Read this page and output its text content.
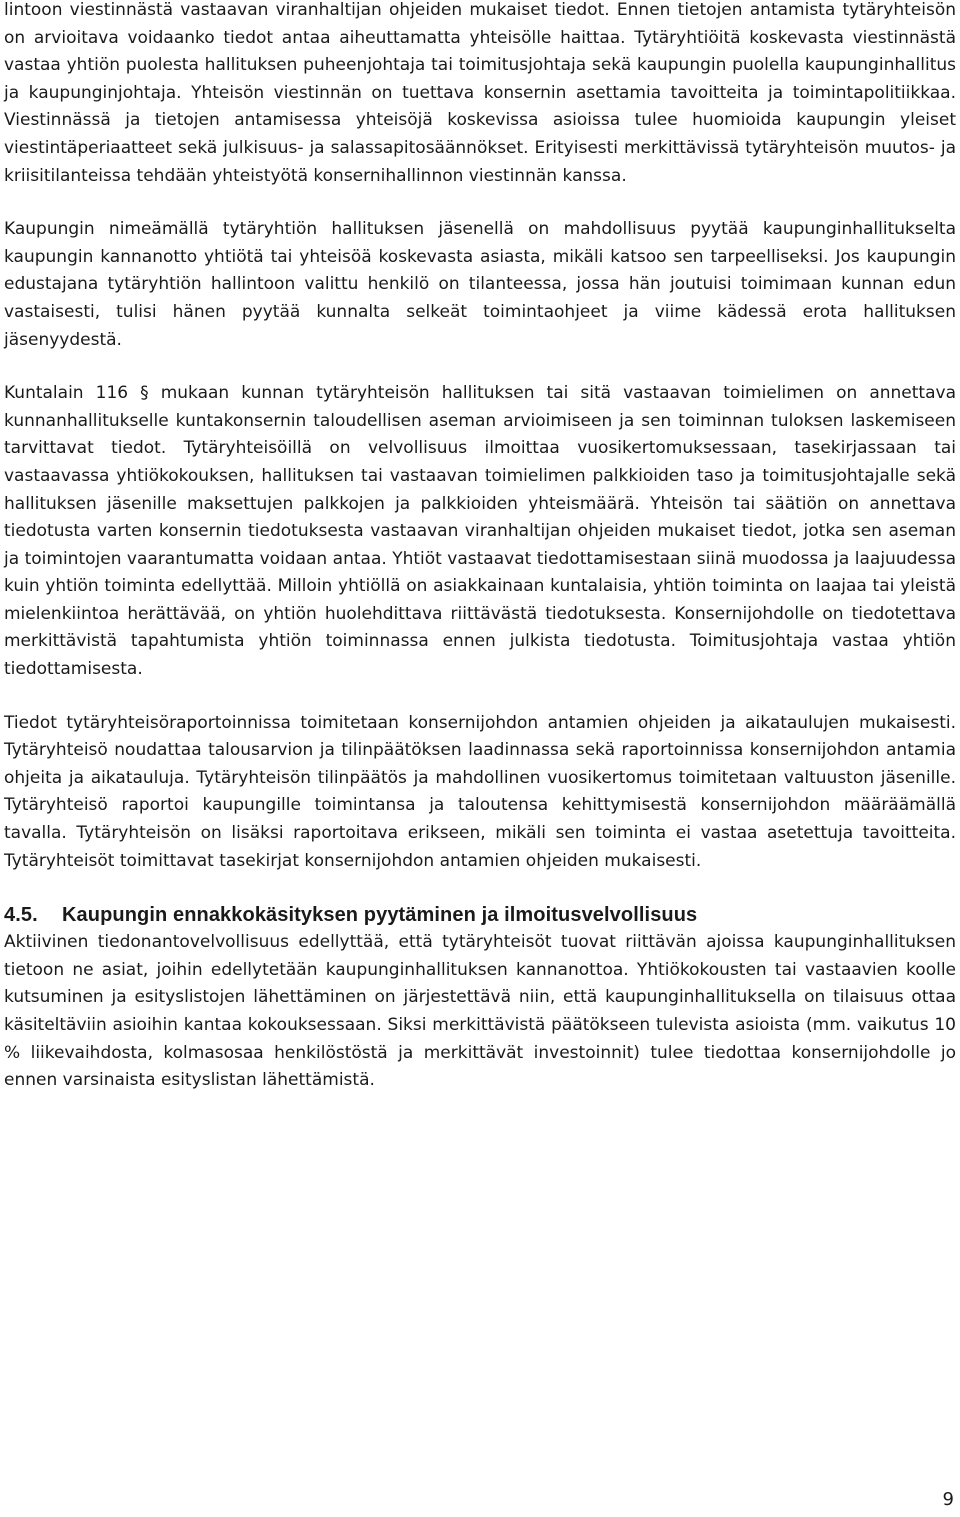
lintoon viestinnästä vastaavan viranhaltijan ohjeiden mukaiset tiedot. Ennen tietojen antamista tytäryhteisön on arvioitava voidaanko tiedot antaa aiheuttamatta yhteisölle haittaa. Tytäryhtiöitä koskevasta viestinnästä vastaa yhtiön puolesta hallituksen puheenjohtaja tai toimitusjohtaja sekä kaupungin puolella kaupunginhallitus ja kaupunginjohtaja. Yhteisön viestinnän on tuettava konsernin asettamia tavoitteita ja toimintapolitiikkaa. Viestinnässä ja tietojen antamisessa yhteisöjä koskevissa asioissa tulee huomioida kaupungin yleiset viestintäperiaatteet sekä julkisuus- ja salassapitosäännökset. Erityisesti merkittävissä tytäryhteisön muutos- ja kriisitilanteissa tehdään yhteistyötä konsernihallinnon viestinnän kanssa.

Kaupungin nimeämällä tytäryhtiön hallituksen jäsenellä on mahdollisuus pyytää kaupunginhallitukselta kaupungin kannanotto yhtiötä tai yhteisöä koskevasta asiasta, mikäli katsoo sen tarpeelliseksi. Jos kaupungin edustajana tytäryhtiön hallintoon valittu henkilö on tilanteessa, jossa hän joutuisi toimimaan kunnan edun vastaisesti, tulisi hänen pyytää kunnalta selkeät toimintaohjeet ja viime kädessä erota hallituksen jäsenyydestä.

Kuntalain 116 § mukaan kunnan tytäryhteisön hallituksen tai sitä vastaavan toimielimen on annettava kunnanhallitukselle kuntakonsernin taloudellisen aseman arvioimiseen ja sen toiminnan tuloksen laskemiseen tarvittavat tiedot. Tytäryhteisöillä on velvollisuus ilmoittaa vuosikertomuksessaan, tasekirjassaan tai vastaavassa yhtiökokouksen, hallituksen tai vastaavan toimielimen palkkioiden taso ja toimitusjohtajalle sekä hallituksen jäsenille maksettujen palkkojen ja palkkioiden yhteismäärä. Yhteisön tai säätiön on annettava tiedotusta varten konsernin tiedotuksesta vastaavan viranhaltijan ohjeiden mukaiset tiedot, jotka sen aseman ja toimintojen vaarantumatta voidaan antaa. Yhtiöt vastaavat tiedottamisestaan siinä muodossa ja laajuudessa kuin yhtiön toiminta edellyttää. Milloin yhtiöllä on asiakkainaan kuntalaisia, yhtiön toiminta on laajaa tai yleistä mielenkiintoa herättävää, on yhtiön huolehdittava riittävästä tiedotuksesta. Konsernijohdolle on tiedotettava merkittävistä tapahtumista yhtiön toiminnassa ennen julkista tiedotusta. Toimitusjohtaja vastaa yhtiön tiedottamisesta.

Tiedot tytäryhteisöraportoinnissa toimitetaan konsernijohdon antamien ohjeiden ja aikataulujen mukaisesti. Tytäryhteisö noudattaa talousarvion ja tilinpäätöksen laadinnassa sekä raportoinnissa konsernijohdon antamia ohjeita ja aikatauluja. Tytäryhteisön tilinpäätös ja mahdollinen vuosikertomus toimitetaan valtuuston jäsenille. Tytäryhteisö raportoi kaupungille toimintansa ja taloutensa kehittymisestä konsernijohdon määräämällä tavalla. Tytäryhteisön on lisäksi raportoitava erikseen, mikäli sen toiminta ei vastaa asetettuja tavoitteita. Tytäryhteisöt toimittavat tasekirjat konsernijohdon antamien ohjeiden mukaisesti.

4.5. Kaupungin ennakkokäsityksen pyytäminen ja ilmoitusvelvollisuus

Aktiivinen tiedonantovelvollisuus edellyttää, että tytäryhteisöt tuovat riittävän ajoissa kaupunginhallituksen tietoon ne asiat, joihin edellytetään kaupunginhallituksen kannanottoa. Yhtiökokousten tai vastaavien koolle kutsuminen ja esityslistojen lähettäminen on järjestettävä niin, että kaupunginhallituksella on tilaisuus ottaa käsiteltäviin asioihin kantaa kokouksessaan. Siksi merkittävistä päätökseen tulevista asioista (mm. vaikutus 10 % liikevaihdosta, kolmasosaa henkilöstöstä ja merkittävät investoinnit) tulee tiedottaa konsernijohdolle jo ennen varsinaista esityslistan lähettämistä.

9
